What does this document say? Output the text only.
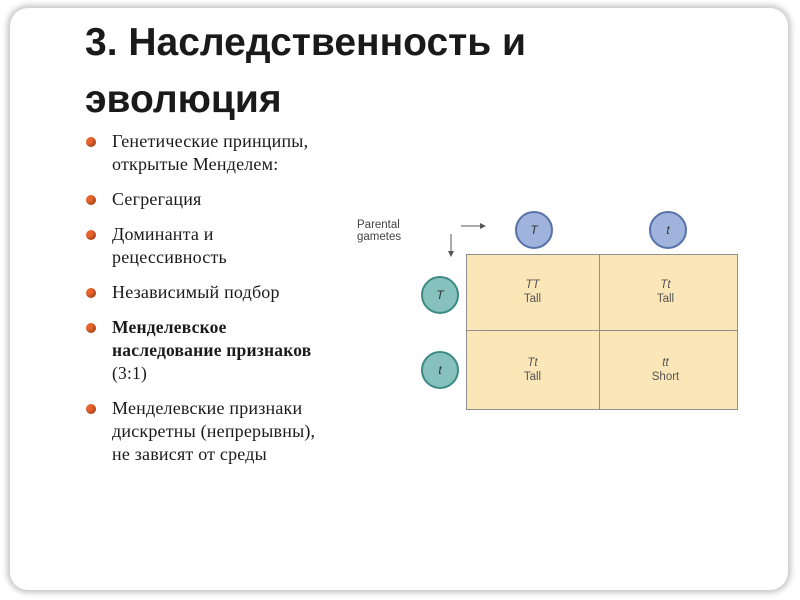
3. Наследственность и
эволюция
Генетические принципы,
открытые Менделем:
Сегрегация
Доминанта и
рецессивность
Независимый подбор
Менделевское
наследование признаков
(3:1)
Менделевские признаки
дискретны (непрерывны),
не зависят от среды
Parental gametes	T	t
T
t
TT
Tall
Tt
Tall
Tt
Tall
tt
Short
